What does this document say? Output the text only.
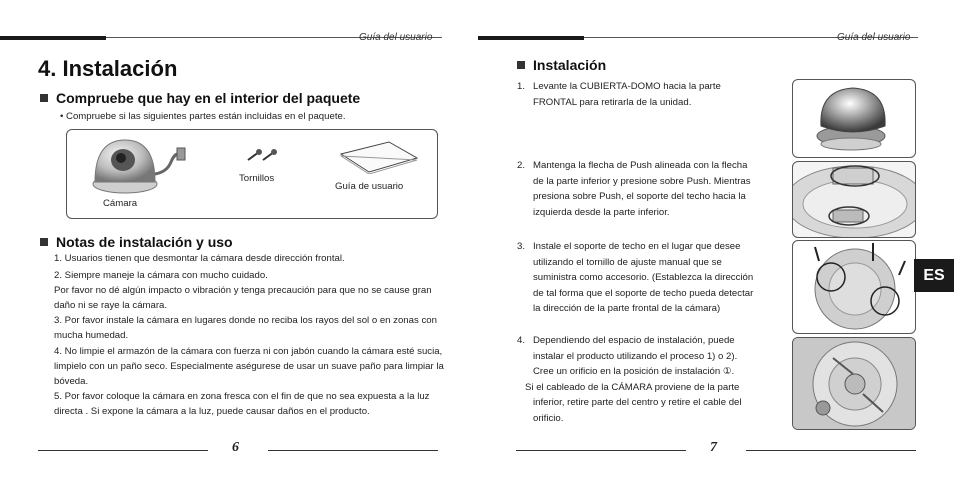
Guía del usuario	Guía del usuario
4. Instalación
Compruebe que hay en el interior del paquete
• Compruebe si las siguientes partes están incluidas en el paquete.
Cámara
Tornillos
Guía de usuario
Notas de instalación y uso
1. Usuarios tienen que desmontar la cámara desde dirección frontal.
2. Siempre maneje la cámara con mucho cuidado.
Por favor no dé algún impacto o vibración y tenga precaución para que no se cause gran daño ni se raye la cámara.
3. Por favor instale la cámara en lugares donde no reciba los rayos del sol o en zonas con mucha humedad.
4. No limpie el armazón de la cámara con fuerza ni con jabón cuando la cámara esté sucia, limpielo con un paño seco. Especialmente aségurese de usar un suave paño para limpiar la bóveda.
5. Por favor coloque la cámara en zona fresca con el fin de que no sea expuesta a la luz directa . Si expone la cámara a la luz, puede causar daños en el producto.
6
Instalación
1.   Levante la CUBIERTA-DOMO hacia la parte
FRONTAL para retirarla de la unidad.
2.   Mantenga la flecha de Push alineada con la flecha
de la parte inferior y presione sobre Push. Mientras
presiona sobre Push, el soporte del techo hacia la
izquierda desde la parte inferior.
3.   Instale el soporte de techo en el lugar que desee
utilizando el tornillo de ajuste manual que se
suministra como accesorio. (Establezca la dirección
de tal forma que el soporte de techo pueda detectar
la dirección de la parte frontal de la cámara)
4.   Dependiendo del espacio de instalación, puede
instalar el producto utilizando el proceso 1) o 2).
Cree un orificio en la posición de instalación ①.
Si el cableado de la CÁMARA proviene de la parte
inferior, retire parte del centro y retire el cable del
orificio.
ES
7
